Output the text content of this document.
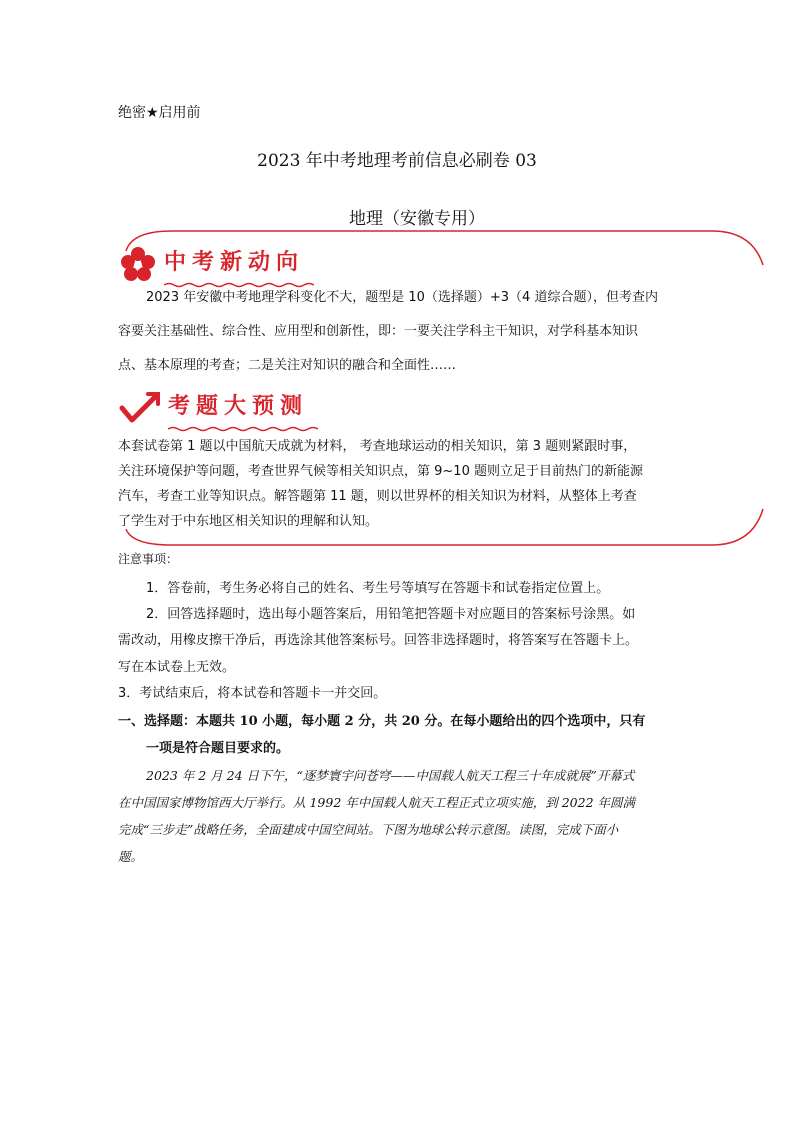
绝密★启用前
2023 年中考地理考前信息必刷卷 03
地理（安徽专用）
中考新动向
2023 年安徽中考地理学科变化不大，题型是 10（选择题）+3（4 道综合题），但考查内
容要关注基础性、综合性、应用型和创新性，即：一要关注学科主干知识，对学科基本知识
点、基本原理的考查；二是关注对知识的融合和全面性……
考题大预测
本套试卷第 1 题以中国航天成就为材料， 考查地球运动的相关知识，第 3 题则紧跟时事，
关注环境保护等问题，考查世界气候等相关知识点，第 9~10 题则立足于目前热门的新能源
汽车，考查工业等知识点。解答题第 11 题，则以世界杯的相关知识为材料，从整体上考查
了学生对于中东地区相关知识的理解和认知。
注意事项：
1．答卷前，考生务必将自己的姓名、考生号等填写在答题卡和试卷指定位置上。
2．回答选择题时，选出每小题答案后，用铅笔把答题卡对应题目的答案标号涂黑。如
需改动，用橡皮擦干净后，再选涂其他答案标号。回答非选择题时，将答案写在答题卡上。
写在本试卷上无效。
3．考试结束后，将本试卷和答题卡一并交回。
一、选择题：本题共 10 小题，每小题 2 分，共 20 分。在每小题给出的四个选项中，只有
一项是符合题目要求的。
2023 年 2 月 24 日下午，“逐梦寰宇问苍穹——中国载人航天工程三十年成就展”开幕式
在中国国家博物馆西大厅举行。从 1992 年中国载人航天工程正式立项实施，到 2022 年圆满
完成“三步走”战略任务，全面建成中国空间站。下图为地球公转示意图。读图，完成下面小
题。
